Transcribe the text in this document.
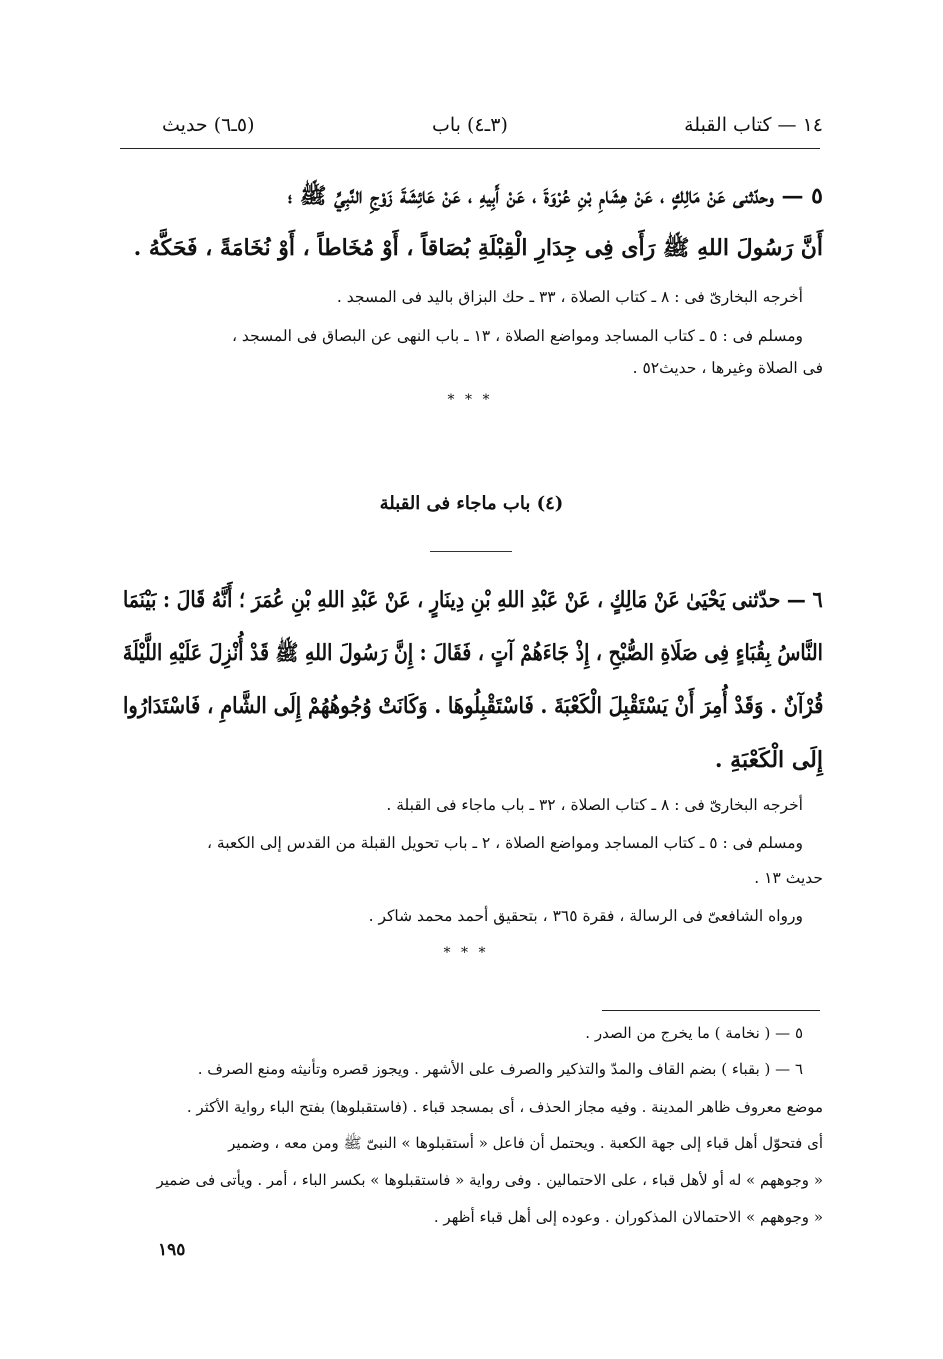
١٤ — كتاب القبلة
(٣ـ٤) باب
(٥ـ٦) حديث
٥ — وحدّثنى عَنْ مَالِكٍ ، عَنْ هِشَامِ بْنِ عُرْوَةَ ، عَنْ أَبِيهِ ، عَنْ عَائِشَةَ زَوْجِ النَّبِيِّ ﷺ ؛
أَنَّ رَسُولَ اللهِ ﷺ رَأَى فِى جِدَارِ الْقِبْلَةِ بُصَاقاً ، أَوْ مُخَاطاً ، أَوْ نُخَامَةً ، فَحَكَّهُ .
أخرجه البخارىّ فى : ٨ ـ كتاب الصلاة ، ٣٣ ـ حك البزاق باليد فى المسجد .
ومسلم فى : ٥ ـ كتاب المساجد ومواضع الصلاة ، ١٣ ـ باب النهى عن البصاق فى المسجد ،
فى الصلاة وغيرها ، حديث٥٢ .
* * *
(٤) باب ماجاء فى القبلة
٦ — حدّثنى يَحْيَىٰ عَنْ مَالِكٍ ، عَنْ عَبْدِ اللهِ بْنِ دِينَارٍ ، عَنْ عَبْدِ اللهِ بْنِ عُمَرَ ؛ أَنَّهُ قَالَ : بَيْنَمَا
النَّاسُ بِقُبَاءٍ فِى صَلَاةِ الصُّبْحِ ، إِذْ جَاءَهُمْ آتٍ ، فَقَالَ : إِنَّ رَسُولَ اللهِ ﷺ قَدْ أُنْزِلَ عَلَيْهِ اللَّيْلَةَ
قُرْآنٌ . وَقَدْ أُمِرَ أَنْ يَسْتَقْبِلَ الْكَعْبَةَ . فَاسْتَقْبِلُوهَا . وَكَانَتْ وُجُوهُهُمْ إِلَى الشَّامِ ، فَاسْتَدَارُوا
إِلَى الْكَعْبَةِ .
أخرجه البخارىّ فى : ٨ ـ كتاب الصلاة ، ٣٢ ـ باب ماجاء فى القبلة .
ومسلم فى : ٥ ـ كتاب المساجد ومواضع الصلاة ، ٢ ـ باب تحويل القبلة من القدس إلى الكعبة ،
حديث ١٣ .
ورواه الشافعىّ فى الرسالة ، فقرة ٣٦٥ ، بتحقيق أحمد محمد شاكر .
* * *
٥ — ( نخامة ) ما يخرج من الصدر .
٦ — ( بقباء ) بضم القاف والمدّ والتذكير والصرف على الأشهر . ويجوز قصره وتأنيثه ومنع الصرف .
موضع معروف ظاهر المدينة . وفيه مجاز الحذف ، أى بمسجد قباء . (فاستقبلوها) بفتح الباء رواية الأكثر .
أى فتحوّل أهل قباء إلى جهة الكعبة . ويحتمل أن فاعل « أستقبلوها » النبىّ ﷺ ومن معه ، وضمير
« وجوههم » له أو لأهل قباء ، على الاحتمالين . وفى رواية « فاستقبلوها » بكسر الباء ، أمر . ويأتى فى ضمير
« وجوههم » الاحتمالان المذكوران . وعوده إلى أهل قباء أظهر .
١٩٥
